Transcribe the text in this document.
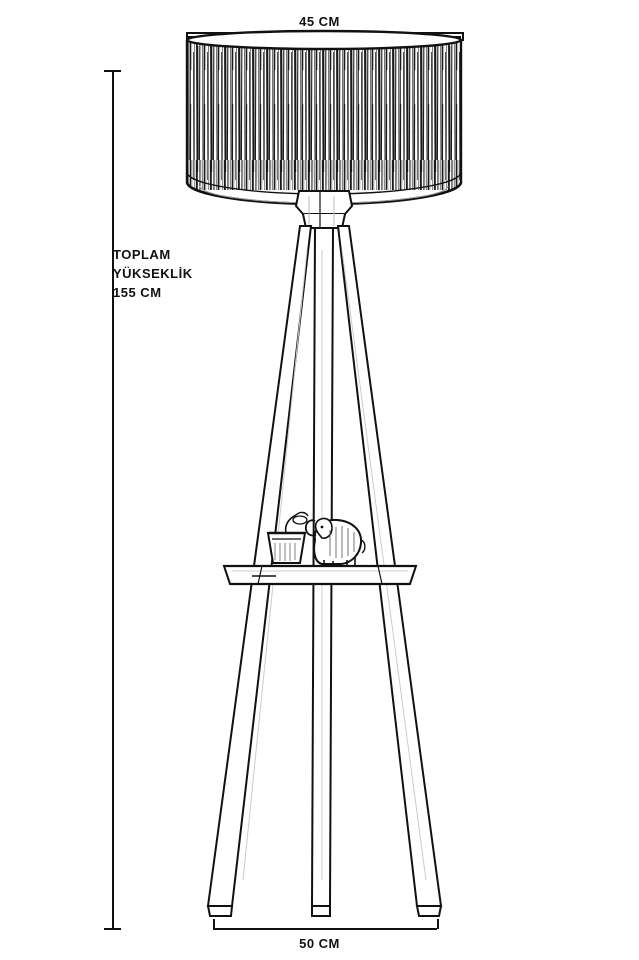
45 CM
50 CM
TOPLAM
YÜKSEKLİK
155 CM
